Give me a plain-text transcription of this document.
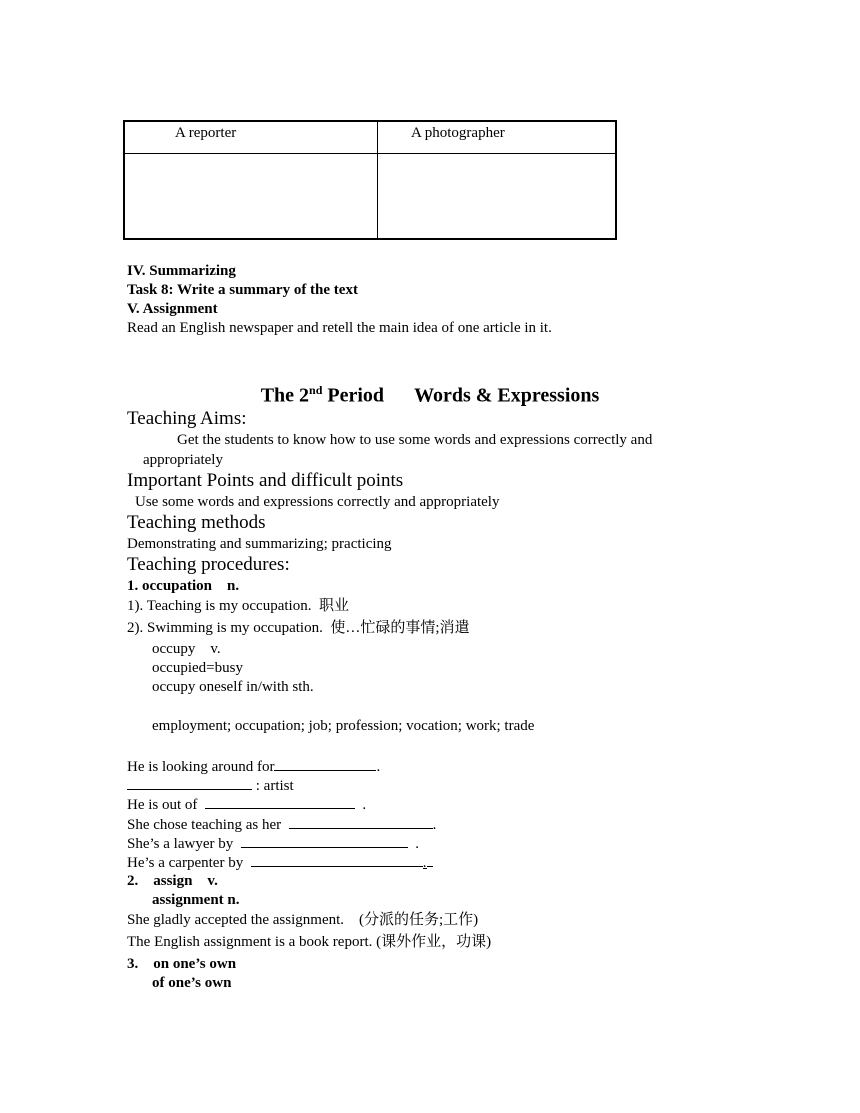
A reporter	A photographer

IV. Summarizing
Task 8: Write a summary of the text
V. Assignment
Read an English newspaper and retell the main idea of one article in it.
The 2nd Period Words & Expressions
Teaching Aims:
Get the students to know how to use some words and expressions correctly and
appropriately
Important Points and difficult points
Use some words and expressions correctly and appropriately
Teaching methods
Demonstrating and summarizing; practicing
Teaching procedures:
1. occupation    n.
1). Teaching is my occupation.  职业
2). Swimming is my occupation.  使…忙碌的事情;消遣
occupy    v.
occupied=busy
occupy oneself in/with sth.
employment; occupation; job; profession; vocation; work; trade
He is looking around for	.
: artist
He is out of	.
She chose teaching as her	.
She’s a lawyer by	.
He’s a carpenter by	.
2.    assign    v.
assignment n.
She gladly accepted the assignment.    (分派的任务;工作)
The English assignment is a book report. (课外作业，功课)
3.    on one’s own
of one’s own
